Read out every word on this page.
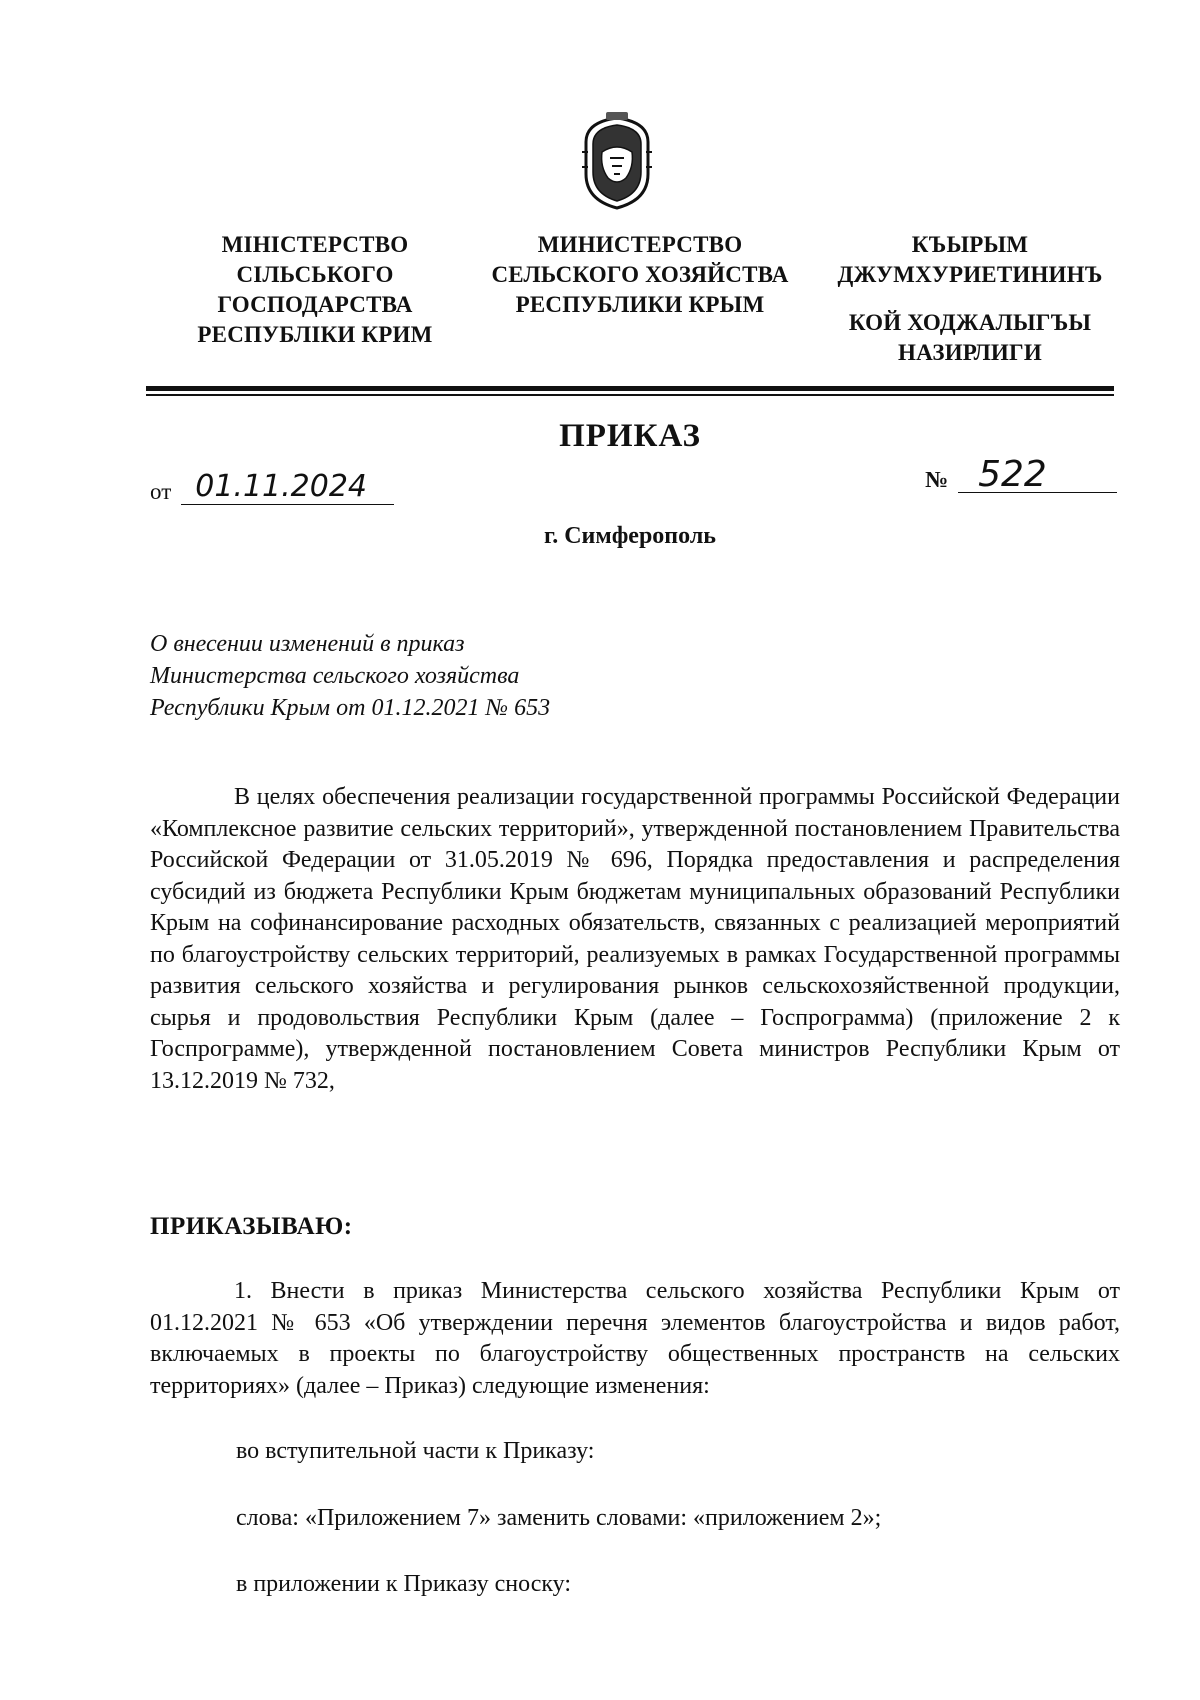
МІНІСТЕРСТВО
СІЛЬСЬКОГО
ГОСПОДАРСТВА
РЕСПУБЛІКИ КРИМ
МИНИСТЕРСТВО
СЕЛЬСКОГО ХОЗЯЙСТВА
РЕСПУБЛИКИ КРЫМ
КЪЫРЫМ
ДЖУМХУРИЕТИНИНЪ
КОЙ ХОДЖАЛЫГЪЫ
НАЗИРЛИГИ
ПРИКАЗ
от 01.11.2024	№ 522
г. Симферополь
О внесении изменений в приказ
Министерства сельского хозяйства
Республики Крым от 01.12.2021 № 653

В целях обеспечения реализации государственной программы Российской Федерации «Комплексное развитие сельских территорий», утвержденной постановлением Правительства Российской Федерации от 31.05.2019 № 696, Порядка предоставления и распределения субсидий из бюджета Республики Крым бюджетам муниципальных образований Республики Крым на софинансирование расходных обязательств, связанных с реализацией мероприятий по благоустройству сельских территорий, реализуемых в рамках Государственной программы развития сельского хозяйства и регулирования рынков сельскохозяйственной продукции, сырья и продовольствия Республики Крым (далее – Госпрограмма) (приложение 2 к Госпрограмме), утвержденной постановлением Совета министров Республики Крым от 13.12.2019 № 732,

ПРИКАЗЫВАЮ:

1. Внести в приказ Министерства сельского хозяйства Республики Крым от 01.12.2021 № 653 «Об утверждении перечня элементов благоустройства и видов работ, включаемых в проекты по благоустройству общественных пространств на сельских территориях» (далее – Приказ) следующие изменения:

во вступительной части к Приказу:
слова: «Приложением 7» заменить словами: «приложением 2»;
в приложении к Приказу сноску:
